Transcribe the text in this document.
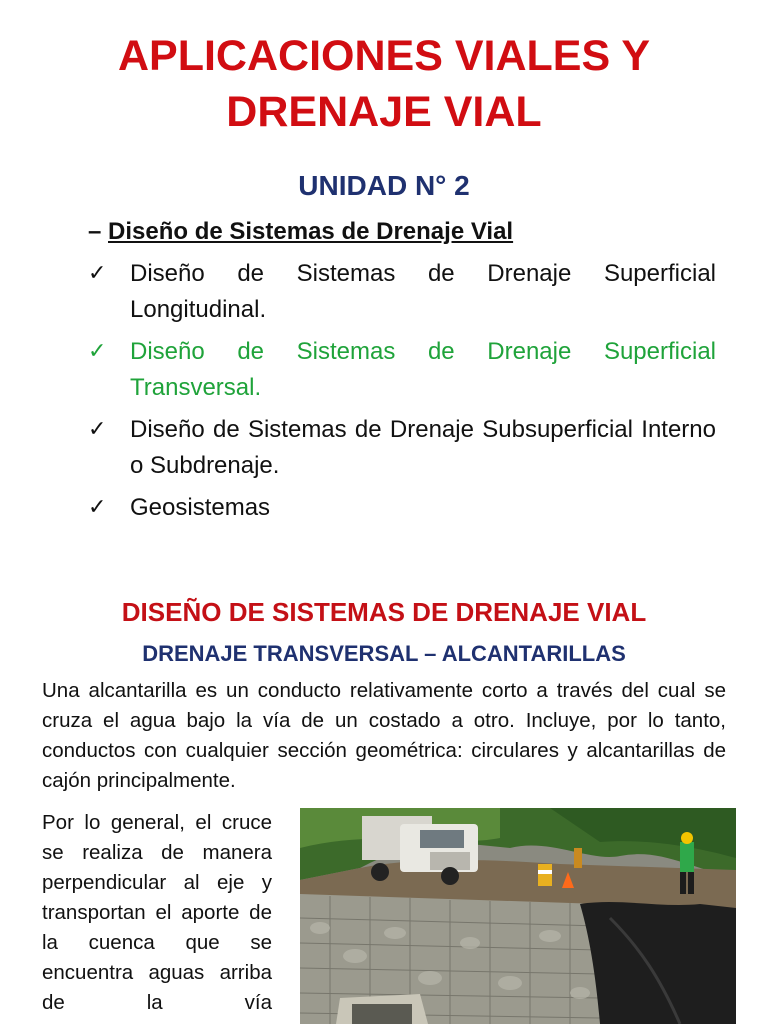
APLICACIONES VIALES Y
DRENAJE VIAL
UNIDAD N° 2
– Diseño de Sistemas de Drenaje Vial
✓ Diseño de Sistemas de Drenaje Superficial Longitudinal.
✓ Diseño de Sistemas de Drenaje Superficial Transversal.
✓ Diseño de Sistemas de Drenaje Subsuperficial Interno o Subdrenaje.
✓ Geosistemas
DISEÑO DE SISTEMAS DE DRENAJE VIAL
DRENAJE TRANSVERSAL – ALCANTARILLAS

Una alcantarilla es un conducto relativamente corto a través del cual se cruza el agua bajo la vía de un costado a otro. Incluye, por lo tanto, conductos con cualquier sección geométrica: circulares y alcantarillas de cajón principalmente.

Por lo general, el cruce se realiza de manera perpendicular al eje y transportan el aporte de la cuenca que se encuentra aguas arriba de la vía
